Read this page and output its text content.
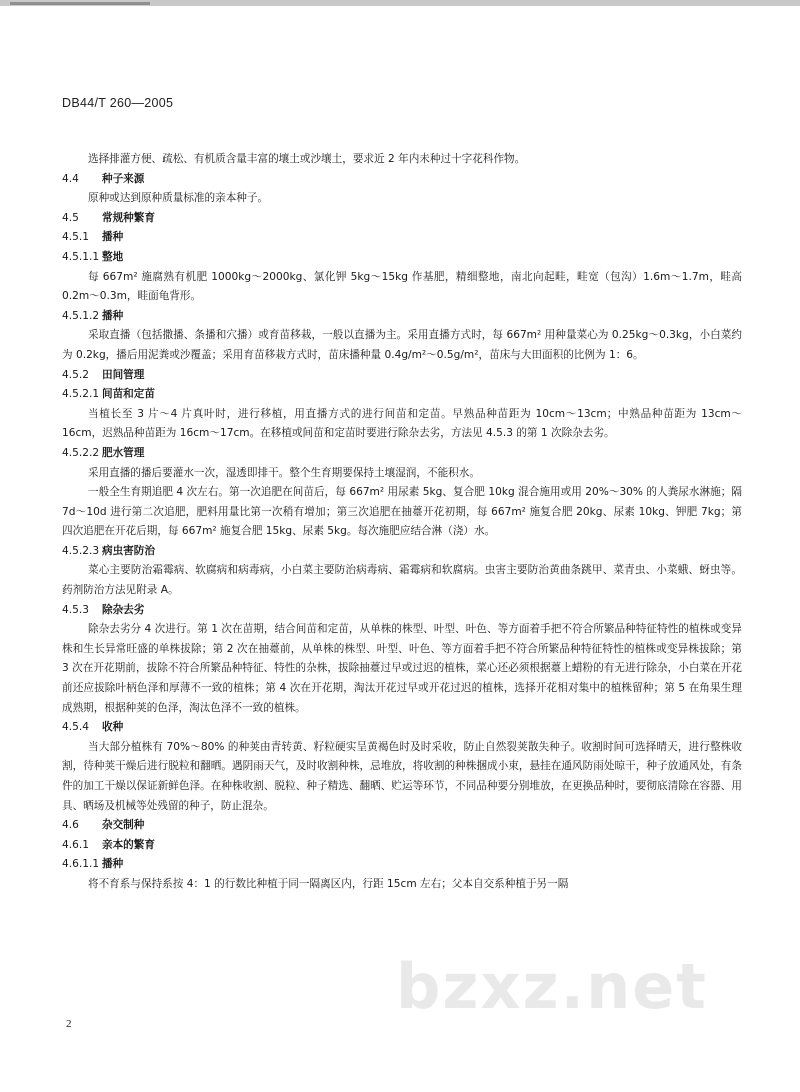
DB44/T 260—2005

选择排灌方便、疏松、有机质含量丰富的壤土或沙壤土，要求近 2 年内未种过十字花科作物。

4.4 种子来源

原种或达到原种质量标准的亲本种子。

4.5 常规种繁育
4.5.1 播种
4.5.1.1 整地

每 667m² 施腐熟有机肥 1000kg～2000kg、氯化钾 5kg～15kg 作基肥，精细整地，南北向起畦，畦宽（包沟）1.6m～1.7m，畦高 0.2m～0.3m，畦面龟背形。

4.5.1.2 播种

采取直播（包括撒播、条播和穴播）或育苗移栽，一般以直播为主。采用直播方式时，每 667m² 用种量菜心为 0.25kg～0.3kg，小白菜约为 0.2kg，播后用泥粪或沙覆盖；采用育苗移栽方式时，苗床播种量 0.4g/m²～0.5g/m²，苗床与大田面积的比例为 1：6。

4.5.2 田间管理
4.5.2.1 间苗和定苗

当植长至 3 片～4 片真叶时，进行移植，用直播方式的进行间苗和定苗。早熟品种苗距为 10cm～13cm；中熟品种苗距为 13cm～16cm，迟熟品种苗距为 16cm～17cm。在移植或间苗和定苗时要进行除杂去劣，方法见 4.5.3 的第 1 次除杂去劣。

4.5.2.2 肥水管理

采用直播的播后要灌水一次，湿透即排干。整个生育期要保持土壤湿润，不能积水。

一般全生育期追肥 4 次左右。第一次追肥在间苗后，每 667m² 用尿素 5kg、复合肥 10kg 混合施用或用 20%～30% 的人粪尿水淋施；隔 7d～10d 进行第二次追肥，肥料用量比第一次稍有增加；第三次追肥在抽薹开花初期，每 667m² 施复合肥 20kg、尿素 10kg、钾肥 7kg；第四次追肥在开花后期，每 667m² 施复合肥 15kg、尿素 5kg。每次施肥应结合淋（浇）水。

4.5.2.3 病虫害防治

菜心主要防治霜霉病、软腐病和病毒病，小白菜主要防治病毒病、霜霉病和软腐病。虫害主要防治黄曲条跳甲、菜青虫、小菜蛾、蚜虫等。药剂防治方法见附录 A。

4.5.3 除杂去劣

除杂去劣分 4 次进行。第 1 次在苗期，结合间苗和定苗，从单株的株型、叶型、叶色、等方面着手把不符合所繁品种特征特性的植株或变异株和生长异常旺盛的单株拔除；第 2 次在抽薹前，从单株的株型、叶型、叶色、等方面着手把不符合所繁品种特征特性的植株或变异株拔除；第 3 次在开花期前，拔除不符合所繁品种特征、特性的杂株，拔除抽薹过早或过迟的植株，菜心还必须根据薹上蜡粉的有无进行除杂，小白菜在开花前还应拔除叶柄色泽和厚薄不一致的植株；第 4 次在开花期，淘汰开花过早或开花过迟的植株，选择开花相对集中的植株留种；第 5 在角果生理成熟期，根据种荚的色泽，淘汰色泽不一致的植株。

4.5.4 收种

当大部分植株有 70%～80% 的种荚由青转黄、籽粒硬实呈黄褐色时及时采收，防止自然裂荚散失种子。收割时间可选择晴天，进行整株收割，待种荚干燥后进行脱粒和翻晒。遇阴雨天气，及时收割种株，忌堆放，将收割的种株捆成小束，悬挂在通风防雨处晾干，种子放通风处，有条件的加工干燥以保证新鲜色泽。在种株收割、脱粒、种子精选、翻晒、贮运等环节，不同品种要分别堆放，在更换品种时，要彻底清除在容器、用具、晒场及机械等处残留的种子，防止混杂。

4.6 杂交制种
4.6.1 亲本的繁育
4.6.1.1 播种

将不育系与保持系按 4：1 的行数比种植于同一隔离区内，行距 15cm 左右；父本自交系种植于另一隔

2
bzxz.net
